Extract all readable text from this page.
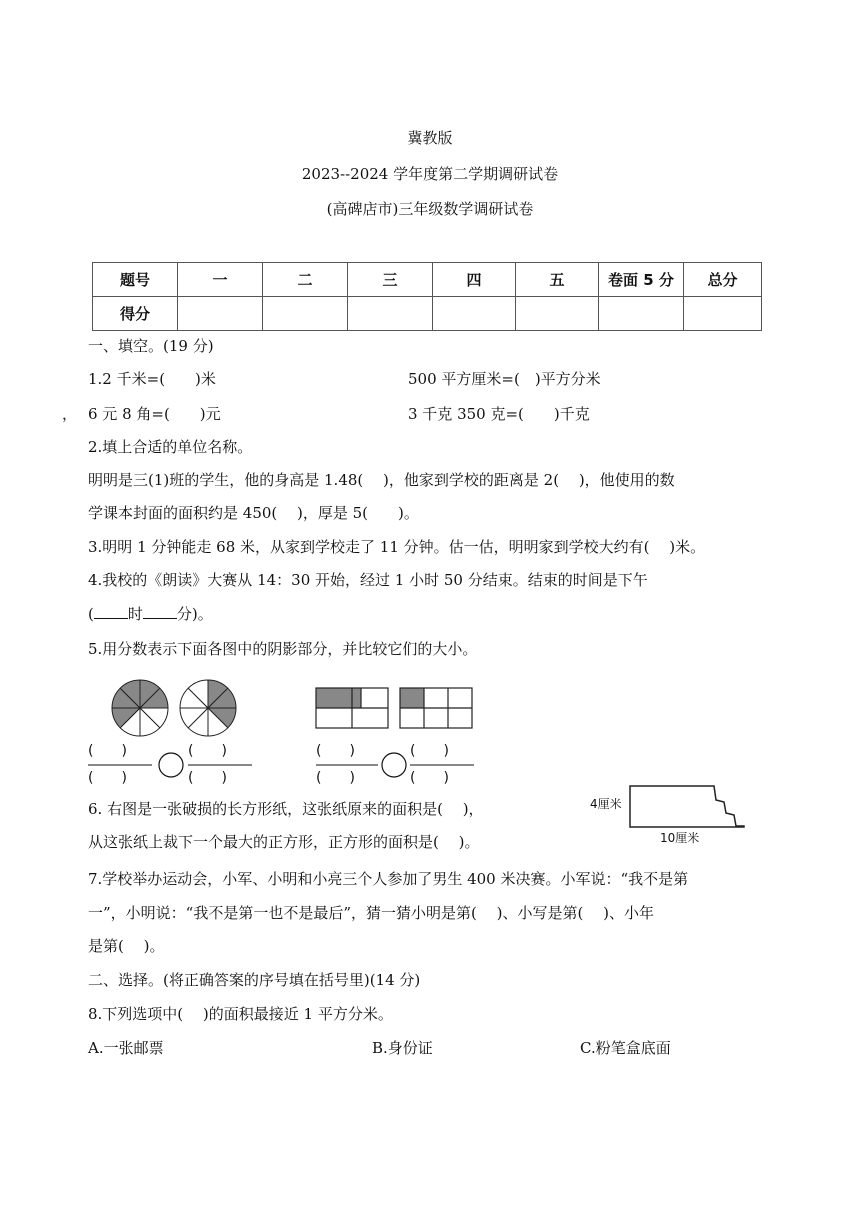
冀教版
2023--2024 学年度第二学期调研试卷
(高碑店市)三年级数学调研试卷
题号	一	二	三	四	五	卷面 5 分	总分
得分							
一、填空。(19 分)
1.2 千米=(　　)米	500 平方厘米=(　)平方分米
， 6 元 8 角=(　　)元	3 千克 350 克=(　　)千克
2.填上合适的单位名称。
明明是三(1)班的学生，他的身高是 1.48(　 )，他家到学校的距离是 2(　 )，他使用的数
学课本封面的面积约是 450(　 )，厚是 5(　　)。
3.明明 1 分钟能走 68 米，从家到学校走了 11 分钟。估一估，明明家到学校大约有(　 )米。
4.我校的《朗读》大赛从 14：30 开始，经过 1 小时 50 分结束。结束的时间是下午
( 时 分)。
5.用分数表示下面各图中的阴影部分，并比较它们的大小。
(　　)
(　　)
(　　)
(　　)
(　　)
(　　)
(　　)
(　　)
6. 右图是一张破损的长方形纸，这张纸原来的面积是(　 )，
从这张纸上裁下一个最大的正方形，正方形的面积是(　 )。
4厘米
10厘米
7.学校举办运动会，小军、小明和小亮三个人参加了男生 400 米决赛。小军说：“我不是第
一”，小明说：“我不是第一也不是最后”，猜一猜小明是第(　 )、小写是第(　 )、小年
是第(　 )。
二、选择。(将正确答案的序号填在括号里)(14 分)
8.下列选项中(　 )的面积最接近 1 平方分米。
A.一张邮票	B.身份证	C.粉笔盒底面
